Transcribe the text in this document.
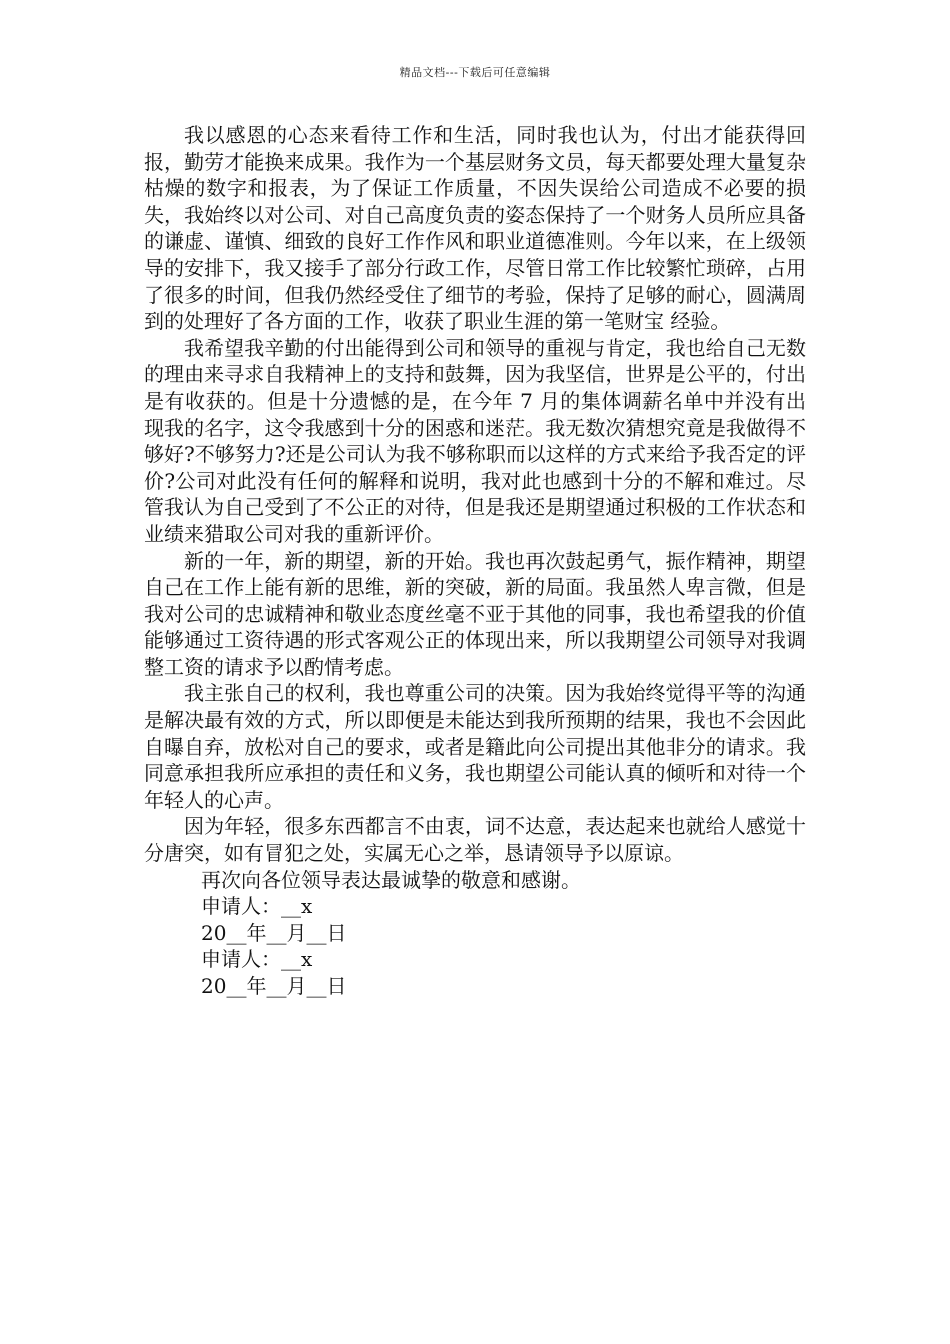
精品文档---下载后可任意编辑

我以感恩的心态来看待工作和生活，同时我也认为，付出才能获得回报，勤劳才能换来成果。我作为一个基层财务文员，每天都要处理大量复杂枯燥的数字和报表，为了保证工作质量，不因失误给公司造成不必要的损失，我始终以对公司、对自己高度负责的姿态保持了一个财务人员所应具备的谦虚、谨慎、细致的良好工作作风和职业道德准则。今年以来，在上级领导的安排下，我又接手了部分行政工作，尽管日常工作比较繁忙琐碎，占用了很多的时间，但我仍然经受住了细节的考验，保持了足够的耐心，圆满周到的处理好了各方面的工作，收获了职业生涯的第一笔财宝 经验。

我希望我辛勤的付出能得到公司和领导的重视与肯定，我也给自己无数的理由来寻求自我精神上的支持和鼓舞，因为我坚信，世界是公平的，付出是有收获的。但是十分遗憾的是，在今年 7 月的集体调薪名单中并没有出现我的名字，这令我感到十分的困惑和迷茫。我无数次猜想究竟是我做得不够好?不够努力?还是公司认为我不够称职而以这样的方式来给予我否定的评价?公司对此没有任何的解释和说明，我对此也感到十分的不解和难过。尽管我认为自己受到了不公正的对待，但是我还是期望通过积极的工作状态和业绩来猎取公司对我的重新评价。

新的一年，新的期望，新的开始。我也再次鼓起勇气，振作精神，期望自己在工作上能有新的思维，新的突破，新的局面。我虽然人卑言微，但是我对公司的忠诚精神和敬业态度丝毫不亚于其他的同事，我也希望我的价值能够通过工资待遇的形式客观公正的体现出来，所以我期望公司领导对我调整工资的请求予以酌情考虑。

我主张自己的权利，我也尊重公司的决策。因为我始终觉得平等的沟通是解决最有效的方式，所以即便是未能达到我所预期的结果，我也不会因此自曝自弃，放松对自己的要求，或者是籍此向公司提出其他非分的请求。我同意承担我所应承担的责任和义务，我也期望公司能认真的倾听和对待一个年轻人的心声。

因为年轻，很多东西都言不由衷，词不达意，表达起来也就给人感觉十分唐突，如有冒犯之处，实属无心之举，恳请领导予以原谅。

再次向各位领导表达最诚挚的敬意和感谢。
申请人：__x
20__年__月__日
申请人：__x
20__年__月__日
